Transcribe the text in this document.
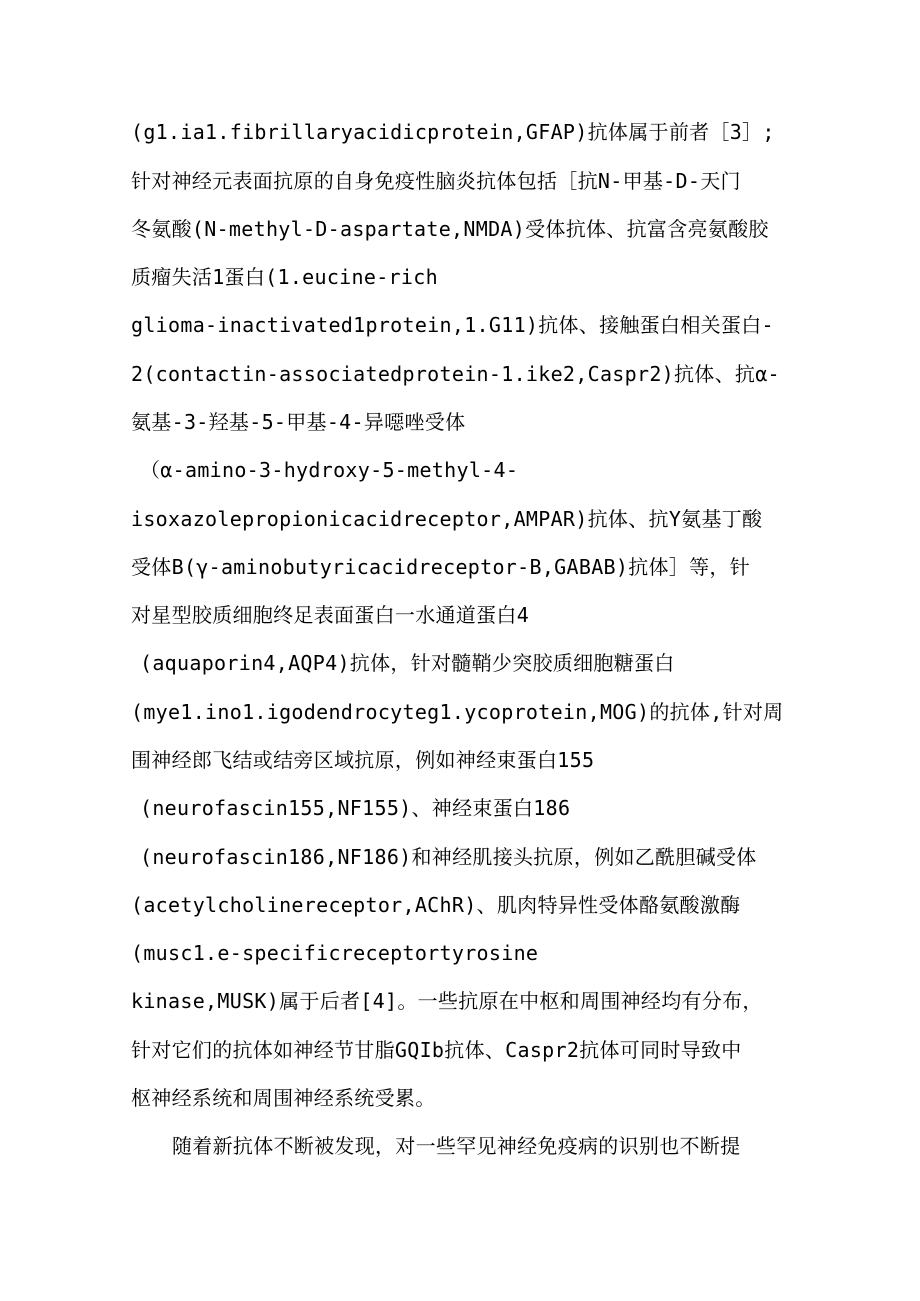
(g1.ia1.fibrillaryacidicprotein,GFAP)抗体属于前者［3］;
针对神经元表面抗原的自身免疫性脑炎抗体包括［抗N-甲基-D-天门
冬氨酸(N-methyl-D-aspartate,NMDA)受体抗体、抗富含亮氨酸胶
质瘤失活1蛋白(1.eucine-rich
glioma-inactivated1protein,1.G11)抗体、接触蛋白相关蛋白-
2(contactin-associatedprotein-1.ike2,Caspr2)抗体、抗α-
氨基-3-羟基-5-甲基-4-异噁唑受体
（α-amino-3-hydroxy-5-methyl-4-
isoxazolepropionicacidreceptor,AMPAR)抗体、抗Y氨基丁酸
受体B(γ-aminobutyricacidreceptor-B,GABAB)抗体］等，针
对星型胶质细胞终足表面蛋白一水通道蛋白4
(aquaporin4,AQP4)抗体，针对髓鞘少突胶质细胞糖蛋白
(mye1.ino1.igodendrocyteg1.ycoprotein,MOG)的抗体,针对周
围神经郎飞结或结旁区域抗原，例如神经束蛋白155
(neurofascin155,NF155)、神经束蛋白186
(neurofascin186,NF186)和神经肌接头抗原，例如乙酰胆碱受体
(acetylcholinereceptor,AChR)、肌肉特异性受体酪氨酸激酶
(musc1.e-specificreceptortyrosine
kinase,MUSK)属于后者[4]。一些抗原在中枢和周围神经均有分布，
针对它们的抗体如神经节甘脂GQIb抗体、Caspr2抗体可同时导致中
枢神经系统和周围神经系统受累。
随着新抗体不断被发现，对一些罕见神经免疫病的识别也不断提
